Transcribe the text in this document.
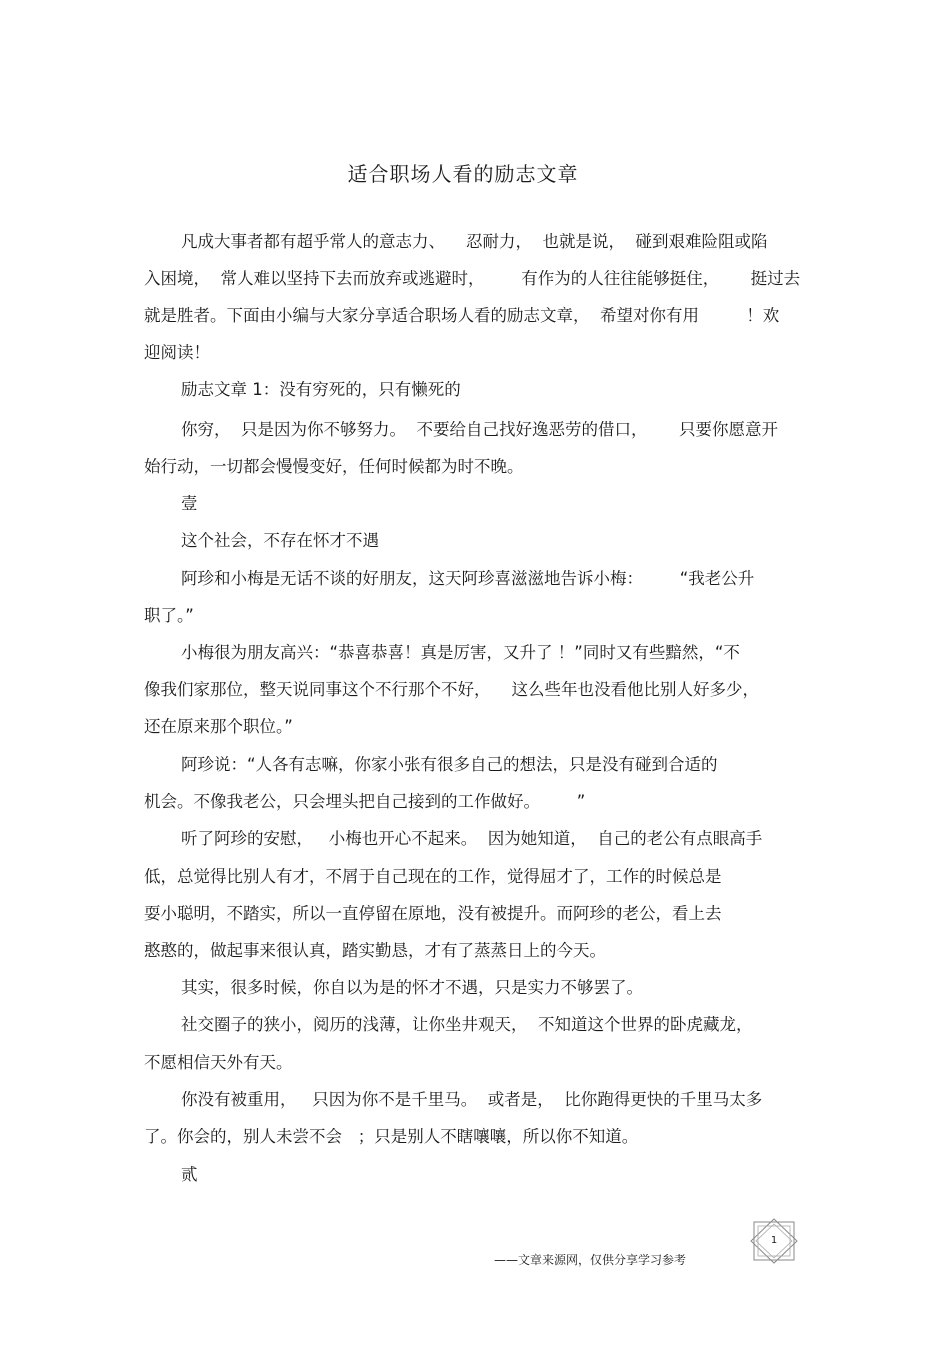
适合职场人看的励志文章
凡成大事者都有超乎常人的意志力、    忍耐力，  也就是说，  碰到艰难险阻或陷
入困境，  常人难以坚持下去而放弃或逃避时，       有作为的人往往能够挺住，      挺过去
就是胜者。下面由小编与大家分享适合职场人看的励志文章，  希望对你有用         ！欢
迎阅读！
励志文章 1：没有穷死的，只有懒死的
你穷，  只是因为你不够努力。  不要给自己找好逸恶劳的借口，      只要你愿意开
始行动，一切都会慢慢变好，任何时候都为时不晚。
壹
这个社会，不存在怀才不遇
阿珍和小梅是无话不谈的好朋友，这天阿珍喜滋滋地告诉小梅：       “我老公升
职了。”
小梅很为朋友高兴：“恭喜恭喜！真是厉害，又升了 ！”同时又有些黯然，“不
像我们家那位，整天说同事这个不行那个不好，    这么些年也没看他比别人好多少，
还在原来那个职位。”
阿珍说：“人各有志嘛，你家小张有很多自己的想法，只是没有碰到合适的
机会。不像我老公，只会埋头把自己接到的工作做好。       ”
听了阿珍的安慰，   小梅也开心不起来。  因为她知道，  自己的老公有点眼高手
低，总觉得比别人有才，不屑于自己现在的工作，觉得屈才了，工作的时候总是
耍小聪明，不踏实，所以一直停留在原地，没有被提升。而阿珍的老公，看上去
憨憨的，做起事来很认真，踏实勤恳，才有了蒸蒸日上的今天。
其实，很多时候，你自以为是的怀才不遇，只是实力不够罢了。
社交圈子的狭小，阅历的浅薄，让你坐井观天，  不知道这个世界的卧虎藏龙，
不愿相信天外有天。
你没有被重用，   只因为你不是千里马。  或者是，  比你跑得更快的千里马太多
了。你会的，别人未尝不会   ；只是别人不瞎嚷嚷，所以你不知道。
贰
——文章来源网，仅供分享学习参考
1
